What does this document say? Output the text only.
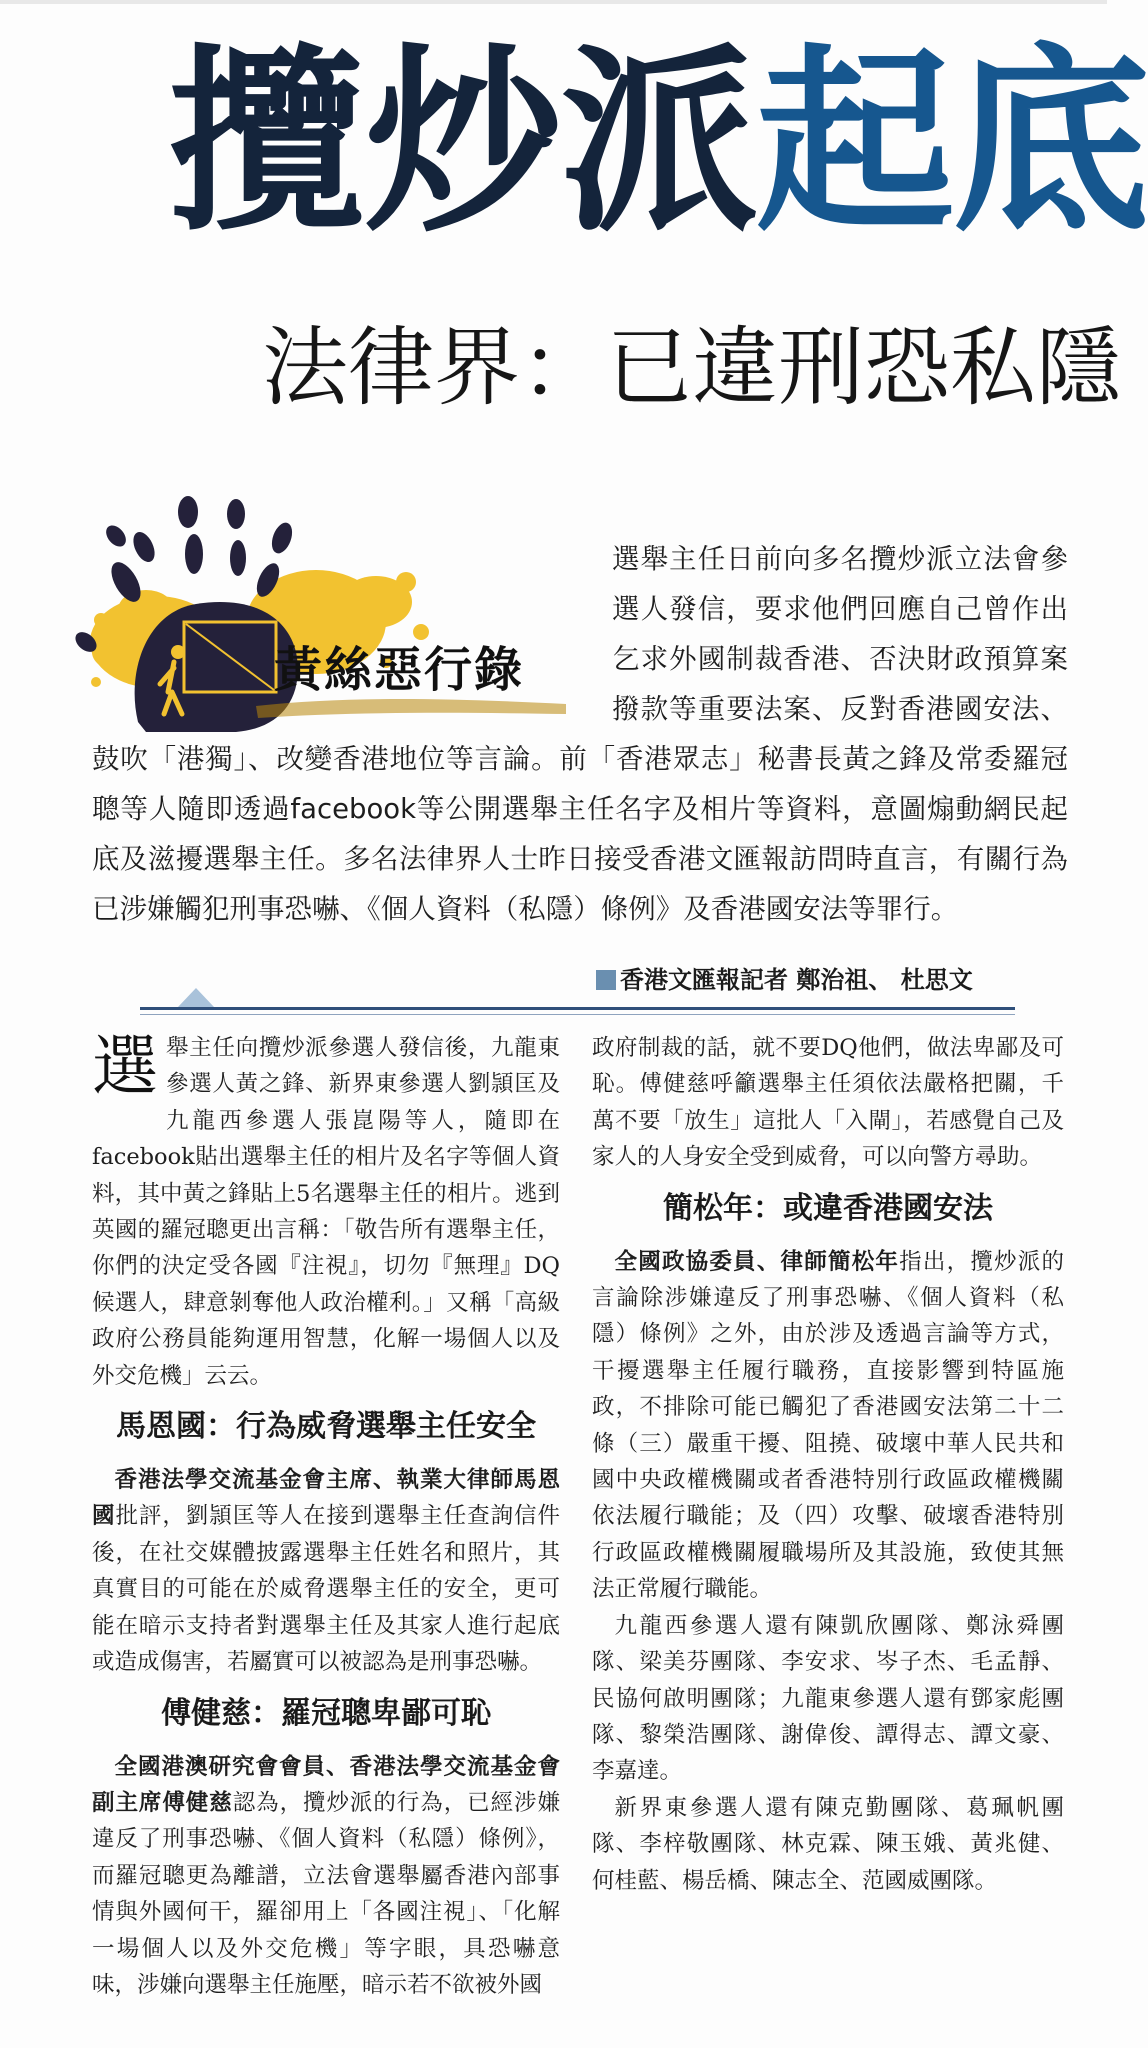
攬炒派起底
法律界：已違刑恐私隱
黃絲惡行錄

選舉主任日前向多名攬炒派立法會參選人發信，要求他們回應自己曾作出乞求外國制裁香港、否決財政預算案撥款等重要法案、反對香港國安法、鼓吹「港獨」、改變香港地位等言論。前「香港眾志」秘書長黃之鋒及常委羅冠聰等人隨即透過facebook等公開選舉主任名字及相片等資料，意圖煽動網民起底及滋擾選舉主任。多名法律界人士昨日接受香港文匯報訪問時直言，有關行為已涉嫌觸犯刑事恐嚇、《個人資料（私隱）條例》及香港國安法等罪行。

香港文匯報記者 鄭治祖、 杜思文

選舉主任向攬炒派參選人發信後，九龍東參選人黃之鋒、新界東參選人劉頴匡及九龍西參選人張崑陽等人，隨即在facebook貼出選舉主任的相片及名字等個人資料，其中黃之鋒貼上5名選舉主任的相片。逃到英國的羅冠聰更出言稱：「敬告所有選舉主任，你們的決定受各國『注視』，切勿『無理』DQ候選人，肆意剝奪他人政治權利。」又稱「高級政府公務員能夠運用智慧，化解一場個人以及外交危機」云云。

馬恩國：行為威脅選舉主任安全

香港法學交流基金會主席、執業大律師馬恩國批評，劉頴匡等人在接到選舉主任查詢信件後，在社交媒體披露選舉主任姓名和照片，其真實目的可能在於威脅選舉主任的安全，更可能在暗示支持者對選舉主任及其家人進行起底或造成傷害，若屬實可以被認為是刑事恐嚇。

傅健慈：羅冠聰卑鄙可恥

全國港澳研究會會員、香港法學交流基金會副主席傅健慈認為，攬炒派的行為，已經涉嫌違反了刑事恐嚇、《個人資料（私隱）條例》，而羅冠聰更為離譜，立法會選舉屬香港內部事情與外國何干，羅卻用上「各國注視」、「化解一場個人以及外交危機」等字眼，具恐嚇意味，涉嫌向選舉主任施壓，暗示若不欲被外國

政府制裁的話，就不要DQ他們，做法卑鄙及可恥。傅健慈呼籲選舉主任須依法嚴格把關，千萬不要「放生」這批人「入閘」，若感覺自己及家人的人身安全受到威脅，可以向警方尋助。

簡松年：或違香港國安法

全國政協委員、律師簡松年指出，攬炒派的言論除涉嫌違反了刑事恐嚇、《個人資料（私隱）條例》之外，由於涉及透過言論等方式，干擾選舉主任履行職務，直接影響到特區施政，不排除可能已觸犯了香港國安法第二十二條（三）嚴重干擾、阻撓、破壞中華人民共和國中央政權機關或者香港特別行政區政權機關依法履行職能；及（四）攻擊、破壞香港特別行政區政權機關履職場所及其設施，致使其無法正常履行職能。

九龍西參選人還有陳凱欣團隊、鄭泳舜團隊、梁美芬團隊、李安求、岑子杰、毛孟靜、民協何啟明團隊；九龍東參選人還有鄧家彪團隊、黎榮浩團隊、謝偉俊、譚得志、譚文豪、李嘉達。

新界東參選人還有陳克勤團隊、葛珮帆團隊、李梓敬團隊、林克霖、陳玉娥、黃兆健、何桂藍、楊岳橋、陳志全、范國威團隊。
